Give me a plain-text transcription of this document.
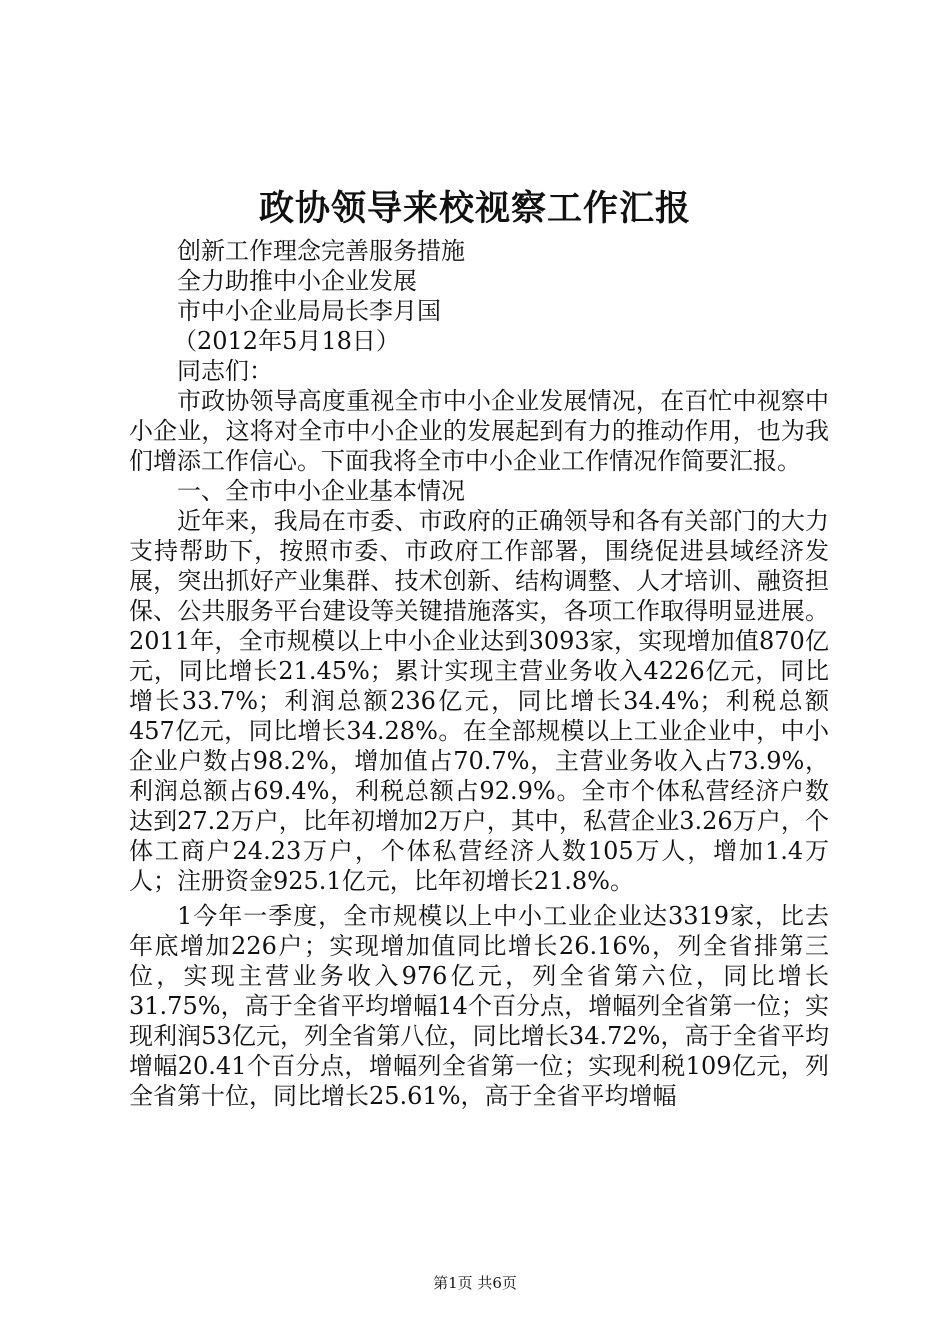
政协领导来校视察工作汇报

创新工作理念完善服务措施

全力助推中小企业发展

市中小企业局局长李月国

（2012年5月18日）

同志们：

市政协领导高度重视全市中小企业发展情况，在百忙中视察中小企业，这将对全市中小企业的发展起到有力的推动作用，也为我们增添工作信心。下面我将全市中小企业工作情况作简要汇报。

一、全市中小企业基本情况

近年来，我局在市委、市政府的正确领导和各有关部门的大力支持帮助下，按照市委、市政府工作部署，围绕促进县域经济发展，突出抓好产业集群、技术创新、结构调整、人才培训、融资担保、公共服务平台建设等关键措施落实，各项工作取得明显进展。2011年，全市规模以上中小企业达到3093家，实现增加值870亿元，同比增长21.45%；累计实现主营业务收入4226亿元，同比增长33.7%；利润总额236亿元，同比增长34.4%；利税总额457亿元，同比增长34.28%。在全部规模以上工业企业中，中小企业户数占98.2%，增加值占70.7%，主营业务收入占73.9%，利润总额占69.4%，利税总额占92.9%。全市个体私营经济户数达到27.2万户，比年初增加2万户，其中，私营企业3.26万户，个体工商户24.23万户，个体私营经济人数105万人，增加1.4万人；注册资金925.1亿元，比年初增长21.8%。

1今年一季度，全市规模以上中小工业企业达3319家，比去年底增加226户；实现增加值同比增长26.16%，列全省排第三位，实现主营业务收入976亿元，列全省第六位，同比增长31.75%，高于全省平均增幅14个百分点，增幅列全省第一位；实现利润53亿元，列全省第八位，同比增长34.72%，高于全省平均增幅20.41个百分点，增幅列全省第一位；实现利税109亿元，列全省第十位，同比增长25.61%，高于全省平均增幅

第1页 共6页
